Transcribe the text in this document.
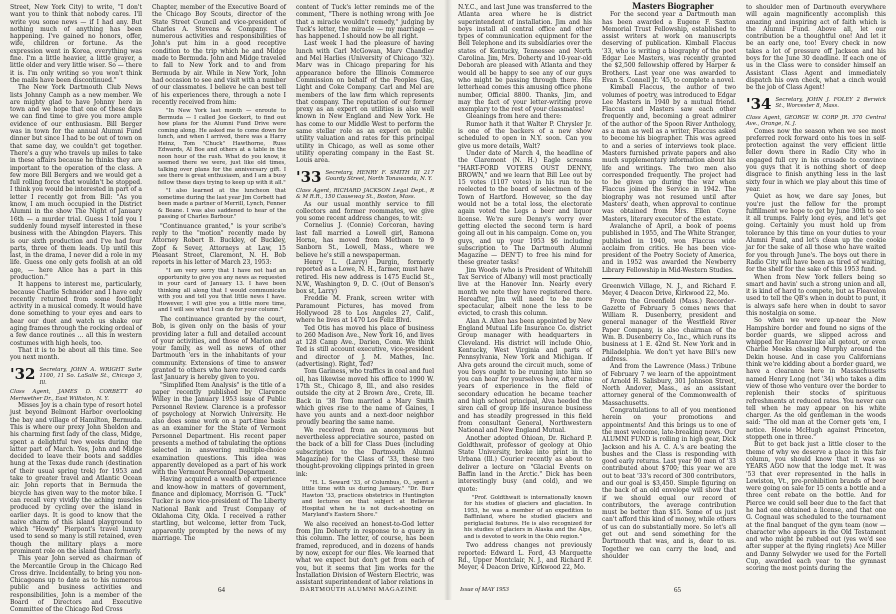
Street, New York City) to write, "I don't want you to think that nobody cares. I'll write you some news — if I had any. But nothing much of anything has been happening. I've gained no honors, offer, wife, children or fortune. As the expression went in Korea, everything was fine. I'm a little heavier, a little grayer, a little older and very little wiser. So — there it is. I'm only writing so you won't think the mails have been discontinued."

The New York Dartmouth Club News lists Johnny Camph as a new member. We are mighty glad to have Johnny here in town and we hope that one of these days we can find time to give you more ample evidence of our enthusiasm. Bill Berger was in town for the annual Alumni Fund dinner but since I had to be out of town on that same day, we couldn't get together. There's a guy who travels up miles to take in these affairs because he thinks they are important to the operation of the class. A few more Bill Bergers and we would get a full rolling force that wouldn't be stopped. I think you would be interested in part of a letter I recently got from Bill: "As you know, I am much occupied in the District Alumni in the show The Night of January 16th — a murder trial. Guess I told you I suddenly found myself interested in these business with the Abingdon Players. This is our sixth production and I've had four parts, three of them leads. Up until this last, in the drama, I never did a role in my life. Guess one only gets foolish at an old age, — here Alice has a part in this production."

It happens to interest me, particularly, because Charlie Schneider and I have only recently returned from some footlight activity in a musical comedy. It would have done something to your eyes and ears to hear our duet and watch us shake our aging frames through the rocking ordeal of a few dance routines … all this in western costumes with high heels, too.

That it is to be about all this time. See you next month.

'32 Secretary, JOHN A. WRIGHT Suite 1100, 11 So. LaSalle St., Chicago 3, Ill.

Class Agent, JAMES D. CORBETT 40 Meriwether Dr., East Williston, N. Y.

Misses Joy is a chain type of resort hotel just beyond Belmont Harbor overlooking the bay and village of Hamilton, Bermuda. This is where our prexy John Sheldon and his charming first lady of the class, Midge, spent a delightful two weeks during the latter part of March. Yes, John and Midge decided to leave their boots and saddles hung at the Texas dude ranch (destination of their usual spring trek) for 1953 and take to greater travel and Atlantic Ocean air. John reports that in Bermuda the bicycle has given way to the motor bike. I can recall very vividly the aching muscles produced by cycling over the island in earlier days. It is good to know that the naive charm of this island playground to which "Howdy" Pierpont's travel luxury used to send so many is still retained, even though the military plays a more prominent role on the island than formerly.

This year John served as chairman of the Mercantile Group in the Chicago Red Cross drive. Incidentally, to bring you non-Chicagoans up to date as to his numerous public and business activities and responsibilities, John is a member of the Board of Directors and Executive Committee of the Chicago Red Cross

Chapter, member of the Executive Board of the Chicago Boy Scouts, director of the State Street Council and vice-president of Charles A. Stevens & Company. The numerous activities and responsibilities of John's put him in a good receptive condition to the trip which he and Midge made to Bermuda. John and Midge traveled to fall to New York and to and from Bermuda by air. While in New York, John had occasion to see and visit with a number of our classmates. I believe he can best tell of his experiences there, through a note I recently received from him:

"In New York last month — enroute to Bermuda — I called Joe Gockert, to find out how plans for the Alumni Fund Drive were coming along. He asked me to come down for lunch, and when I arrived, there was a Harry Heinz, Tom "Chuck" Hawthorne, Russ Edwards, Al Boe and others at a table in the noon hour of the rush. What do you know, it seemed there we were, just like old times, talking over plans for the anniversary gift. I see there is great enthusiasm, and I am a busy fellow these days trying to keep up with it all."

"I also learned at the luncheon that sometime during the last year Jim Corbett had been made a partner of Merrill, Lynch, Fenner & Beane. I was also saddened to hear of the passing of Charles Barbour."

"Continuance granted," is your scribe's reply to the "motion" recently made by Attorney Robert B. Buckley, of Buckley, Zopf & Sever, Attorneys at Law, 15 Pleasant Street, Claremont, N. H. Bob reports in his letter of March 23, 1953:

"I am very sorry that I have not had an opportunity to give you any news as requested in your card of January 13. I have been thinking all along that I would communicate with you and tell you that little news I have. However, I will give you a little more time, and I will see what I can do for your column."

The continuance granted by the court, Bob, is given only on the basis of your providing later a full and detailed account of your activities, and those of Marion and your family, as well as news of other Dartmouth 'ers in the inhabitants of your community. Extensions of time to answer granted to others who have received cards last January is hereby given to you.

"Simplified Item Analysis" is the title of a paper recently published by Clarence Willey in the January 1953 issue of Public Personnel Review. Clarence is a professor of psychology at Norwich University. He also does some work on a part-time basis as an examiner for the State of Vermont Personnel Department. His recent paper presents a method of tabulating the options selected in answering multiple-choice examination questions. This idea was apparently developed as a part of his work with the Vermont Personnel Department.

Having acquired a wealth of experience and know-how in matters of government, finance and diplomacy, Morrison G. "Tuck" Tucker is now vice-president of The Liberty National Bank and Trust Company of Oklahoma City, Okla. I received a rather startling, but welcome, letter from Tuck, apparently prompted by the news of my marriage. The

content of Tuck's letter reminds me of the comment, "There is nothing wrong with Joe that a miracle wouldn't remedy," judging by Tuck's letter, the miracle — my marriage — has happened. I should now be all right.

Last week I had the pleasure of having lunch with Carl McGowan, Marv Chandler and Mel Harlies (University of Chicago '32). Marv was in Chicago preparing for his appearance before the Illinois Commerce Commission on behalf of the Peoples Gas, Light and Coke Company. Carl and Mel are members of the law firm which represents that company. The reputation of our former prexy as an expert on utilities is also well known in New England and New York. He has come to our Middle West to perform the same stellar role as an expert on public utility valuation and rates for this principal utility in Chicago, as well as some other utility operating company in the East St. Louis area.

'33 Secretary, HENRY F. SMITH III 217 Gourdy Street, North Tonawanda, N. Y.

Class Agent, RICHARD JACKSON Legal Dept., R & M R.R., 150 Causeway St., Boston, Mass.

As our usual monthly service to fill collectors and former roommates, we give you some recent address changes, to wit:

Cornelius J. (Connie) Corcoran, having last fall married a Lowell girl, Ramona Horne, has moved from Methuen to 9 Sanborn St., Lowell, Mass., where we believe he's still a newspaperman.

Henry L. (Larry) Durgin, formerly reported as a Lowe, N. H., farmer, must have retired. His new address is 1475 Euclid St., N.W., Washington 9, D. C. (Out of Benson's box st, Larry)

Freddie M. Frank, screen writer with Paramount Pictures, has moved from Hollywood 28 to Los Angeles 27, Calif., where he lives at 1470 Los Feliz Blvd.

Ted Otis has moved his place of business to 260 Madison Ave., New York 16, and lives at 128 Camp Ave., Darien, Conn. We think Ted is still account executive, vice-president and director of J. M. Mathes, Inc. (advertising). Right, Ted?

Tom Gariness, who traffics in coal and fuel oil, has likewise moved his office to 1990 W. 17th St., Chicago 8, Ill., and also resides outside the city at 2 Brown Ave., Crete, Ill. Back in '38 Tom married a Mary Smith which gives rise to the name of Gaines, I have you aunts and a next-door neighbor proudly bearing the same name.

We received from an anonymous but nevertheless appreciative source, pasted on the back of a bill for Class Dues (including subscription to the Dartmouth Alumni Magazine) for the Class of '33, these two thought-provoking clippings printed in green ink:

"H. L. Seward '33, of Columbus, O., spent a little time with us during January." "Dr. Burr Hawton '33, practices obstetrics in Huntington and lectures on that subject at Bellevue Hospital when he is not duck-shooting on Maryland's Eastern Shore."

We also received an honest-to-God letter from Jim Doherty in response to a query in this column. The letter, of course, has been framed, reproduced, and in dozens of hands by now, except for our files. We learned that what we expect but don't get from each of you, but it seems that Jim works for the Installation Division of Western Electric, was assistant superintendent of labor relations in

64	DARTMOUTH ALUMNI MAGAZINE

N.Y.C., and last June was transferred to the Atlanta area where he is district superintendent of installation. Jim and his boys install all central office and other types of communication equipment for the Bell Telephone and its subsidiaries over the states of Kentucky, Tennessee and North Carolina. Jim, Mrs. Doherty and 10-year-old Deborah are pleased with Atlanta and they would all be happy to see any of our guys who might be passing through there. His letterhead comes this amusing office phone number, Official 8800. Thanks, Jim, and may the fact of your letter-writing prove exemplary to the rest of your classmates!

Gleanings from here and there:

Rumor hath it that Walter P. Chrysler Jr. is one of the backers of a new show scheduled to open in N.Y. soon. Can you give us more details, Walt?

Under date of March 4, the headline of the Claremont (N. H.) Eagle screams "HART-FORD VOTERS OUST DENNY, BROWN," and we learn that Bill Lee out by 15 votes (1107 votes) in his run to be reelected to the board of selectmen of the Town of Hartford. However, so the day would not be a total loss, the electorate again voted the Legs a beer and liquor license. We're sure Denny's worry over getting elected the second term is hard going all out in his campaign. Come on, you guys, and up your 1953 $6 including subscription to The Dartmouth Alumni Magazine — DEN'T) to free his mind for these greater tasks!

Jim Woods (who is President of Whitehill Tax Service of Albany) will most practically live at the Hanover Inn. Nearly every month we note they have registered there. Hereafter, Jim will need to be more spectacular, albeit none the less to be evicted, to crash this column.

Alan A. Allen has been appointed by New England Mutual Life Insurance Co. district Group manager with headquarters in Cleveland. His district will include Ohio, Kentucky, West Virginia and parts of Pennsylvania, New York and Michigan. If Alva gets around the circuit much, some of you boys ought to be running into him so you can hear for yourselves how, after nine years of experience in the field of secondary education he became teacher and high school principal, Alva heeded the siren call of group life insurance business and has steadily progressed in this field from consultant General, Northwestern National and New England Mutual.

Another adopted Ohioan, Dr. Richard P. Goldthwait, professor of geology at Ohio State University, broke into print in the Urbana (Ill.) Courier recently as about to deliver a lecture on "Glacial Events on Baffin land in the Arctic." Dick has been interestingly busy (and cold), and we quote:

"Prof. Goldthwait is internationally known for his studies of glaciers and glaciation. In 1953, he was a member of an expedition to Baffinland, where he studied glaciers and periglacial features. He is also recognized for his studies of glaciers in Alaska and the Alps, and is devoted to work in the Ohio region."

Two address changes not previously reported: Edward L. Ford, 43 Marquette Rd., Upper Montclair, N. J., and Richard F. Meyer, 4 Deacon Drive, Kirkwood 22, Mo.

Masters Biographer

For the second year a Dartmouth man has been awarded a Eugene F. Saxton Memorial Trust Fellowship, established to assist writers at work on manuscripts deserving of publication. Kimball Flaccus '33, who is writing a biography of the poet Edgar Lee Masters, was recently granted the $2,500 fellowship offered by Harper & Brothers. Last year one was awarded to Evan S. Connell Jr. '45, to complete a novel.

Kimball Flaccus, the author of two volumes of poetry, was introduced to Edgar Lee Masters in 1940 by a mutual friend. Flaccus and Masters saw each other frequently and, becoming a great admirer of the author of the Spoon River Anthology, as a man as well as a writer, Flaccus asked to become his biographer. This was agreed to and a series of interviews took place. Masters furnished private papers and also much supplementary information about his life and writings. The two men also corresponded frequently. The project had to be given up during the war when Flaccus joined the Service in 1942. The biography was not resumed until after Masters' death, when approval to continue was obtained from Mrs. Ellen Coyne Masters, literary executor of the estate.

Avalanche of April, a book of poems published in 1955, and The White Stranger, published in 1940, won Flaccus wide acclaim from critics. He has been vice-president of the Poetry Society of America, and in 1952 was awarded the Newberry Library Fellowship in Mid-Western Studies.

Greenwich Village, N. J., and Richard F. Meyer, 4 Deacon Drive, Kirkwood 22, Mo.

From the Greenfield (Mass.) Recorder-Gazette of February 5 comes news that William R. Dusenberry, president and general manager of the Westfield River Paper Company, is also chairman of the Wm. B. Dusenberry Co., Inc., which runs its business at 1 E. 42nd St. New York and in Philadelphia. We don't yet have Bill's new address.

And from the Lawrence (Mass.) Tribune of February 7 we learn of the appointment of Arnold H. Salisbury, 301 Johnson Street, North Andover, Mass., as an assistant attorney general of the Commonwealth of Massachusetts.

Congratulations to all of you mentioned herein on your promotions and appointments! And this brings us to one of the most welcome, late-breaking news. Our ALUMNI FUND is rolling in high gear, Dick Jackson and his A. C. A.'s are beating the bushes and the Class is responding with good early returns. Last year 90 men of '33 contributed about $700; this year we are out to beat '33's record of 300 contributors, and our goal is $3,450. Simple figuring on the back of an old envelope will show that if we should equal our record of contributors, the average contribution must be better than $15. Some of us just can't afford this kind of money, while others of us can do substantially more. So let's all get out and send something for the Dartmouth that was, and is, dear to us. Together we can carry the load, and shoulder

to shoulder men of Dartmouth everywhere will again magnificently accomplish this amazing and inspiring act of faith which is the Alumni Fund. Above all, let our contribution be a thoughtful one! And let it be an early one, too! Every check in now takes a lot of pressure off Jackson and his boys for the June 30 deadline. If each one of us in the Class were to consider himself an Assistant Class Agent and immediately dispatch his own check, what a cinch would be the job of Class Agent!

'34 Secretary, JOHN J. FOLEY 2 Berwick St., Worcester 8, Mass.

Class Agent, GEORGE W. CORP JR. 370 Central Ave., Orange, N. J.

Comes now the season when we see most preferred rock forward onto his toes in self-protection against the very efficient little feller down there in Radio City who in engaged full cry in his crusade to convince you guys that it is nothing short of deep disgrace to finish anything less in the last sixty four in which we play about this time of year.

Quiet as how, we dare say Jones, but you're just the fellow for the prompt fulfillment we hope to get by June 30th to see it all trumps. Fairly long eyes, and let's get going. Certainly you must hold up from tolerance by this time on your duties to your Alumni Fund, and let's clean up the cookie jar for the sake of all those who have waited for you through June's. The boys out there in Radio City will have been as tired of waiting, for the shelf for the sake of this 1953 fund.

When from New York fellers being so smart and havin' such a strong union and all, it is kind of hard to compete, but as Fleavelon used to tell the QB's when in doubt to punt, it is always safe here when in doubt to savor this nostalgia on some.

So when we were up-near the New Hampshire border and found no signs of the border guards, we slipped across and whipped for Hanover like all getout, or even Charlie Meeks chasing Murphy around the Dekin house. And in case you Californians think we're kidding about a border guard, we have a clearance here in Massachusetts named Henry Long (not '34) who takes a dim view of those who venture over the border to replenish their stocks of spirituous refreshments at reduced rates. You never can tell when he may appear on his white charger. As the old gentleman in the woods said: "The old man at the Corner gets 'em, I notice. Howie McHugh against Princeton, stoppeth one in three."

But to get back just a little closer to the theme of why we deserve a place in this fair column, you should know that it was so YEARS AGO now that the lodge met. It was '53 that ever represented in the halls in Lewiston, Vt., pre-prohibition brands of beer were going on sale for 15 cents a bottle and a three cent rebate on the bottle. And for Pierce we could sell beer due to the fact that he had one obtained a license, and that one G. Cognaul was scheduled to the tournament at the final banquet of the gym team (now — character who appears in the Old Testament and who might be rubbed out (yes we'd see after supper at the flying ringlets) Ace Miller and Danny Selwyder we used for the Fortell Cup, awarded each year to the gymnast scoring the most points during the

Issue of MAY 1953	65
